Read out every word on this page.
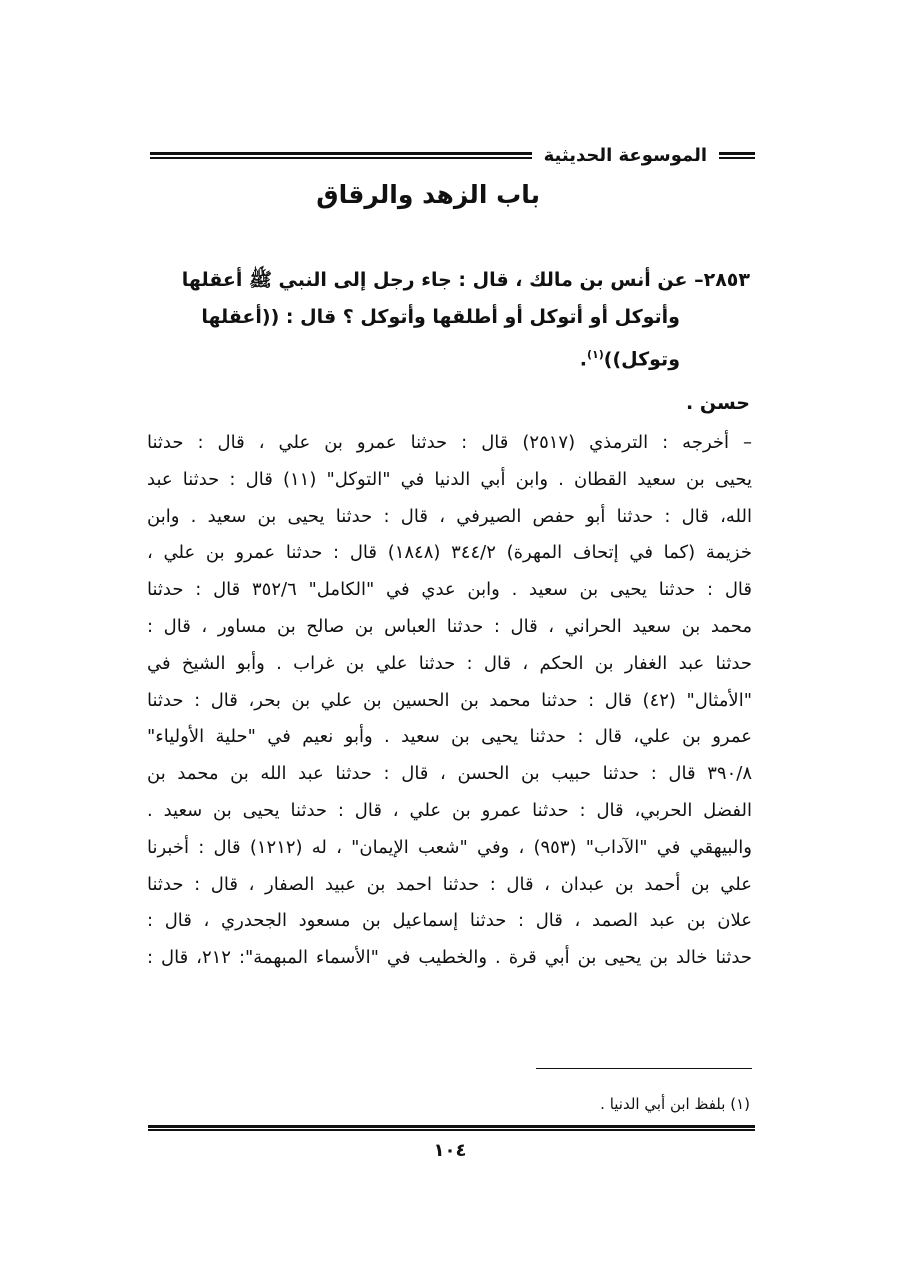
الموسوعة الحديثية
باب الزهد والرقاق
٢٨٥٣– عن أنس بن مالك ، قال : جاء رجل إلى النبي ﷺ أعقلها
وأتوكل أو أتوكل أو أطلقها وأتوكل ؟ قال : ((أعقلها
وتوكل))$^{(١)}$.
حسن .
– أخرجه : الترمذي (٢٥١٧) قال : حدثنا عمرو بن علي ، قال : حدثنا
يحيى بن سعيد القطان . وابن أبي الدنيا في "التوكل" (١١) قال : حدثنا عبد
الله، قال : حدثنا أبو حفص الصيرفي ، قال : حدثنا يحيى بن سعيد . وابن
خزيمة (كما في إتحاف المهرة) ٣٤٤/٢ (١٨٤٨) قال : حدثنا عمرو بن علي ،
قال : حدثنا يحيى بن سعيد . وابن عدي في "الكامل" ٣٥٢/٦ قال : حدثنا
محمد بن سعيد الحراني ، قال : حدثنا العباس بن صالح بن مساور ، قال :
حدثنا عبد الغفار بن الحكم ، قال : حدثنا علي بن غراب . وأبو الشيخ في
"الأمثال" (٤٢) قال : حدثنا محمد بن الحسين بن علي بن بحر، قال : حدثنا
عمرو بن علي، قال : حدثنا يحيى بن سعيد . وأبو نعيم في "حلية الأولياء"
٣٩٠/٨ قال : حدثنا حبيب بن الحسن ، قال : حدثنا عبد الله بن محمد بن
الفضل الحربي، قال : حدثنا عمرو بن علي ، قال : حدثنا يحيى بن سعيد .
والبيهقي في "الآداب" (٩٥٣) ، وفي "شعب الإيمان" ، له (١٢١٢) قال : أخبرنا
علي بن أحمد بن عبدان ، قال : حدثنا احمد بن عبيد الصفار ، قال : حدثنا
علان بن عبد الصمد ، قال : حدثنا إسماعيل بن مسعود الجحدري ، قال :
حدثنا خالد بن يحيى بن أبي قرة . والخطيب في "الأسماء المبهمة": ٢١٢، قال :
(١) بلفظ ابن أبي الدنيا .
١٠٤
